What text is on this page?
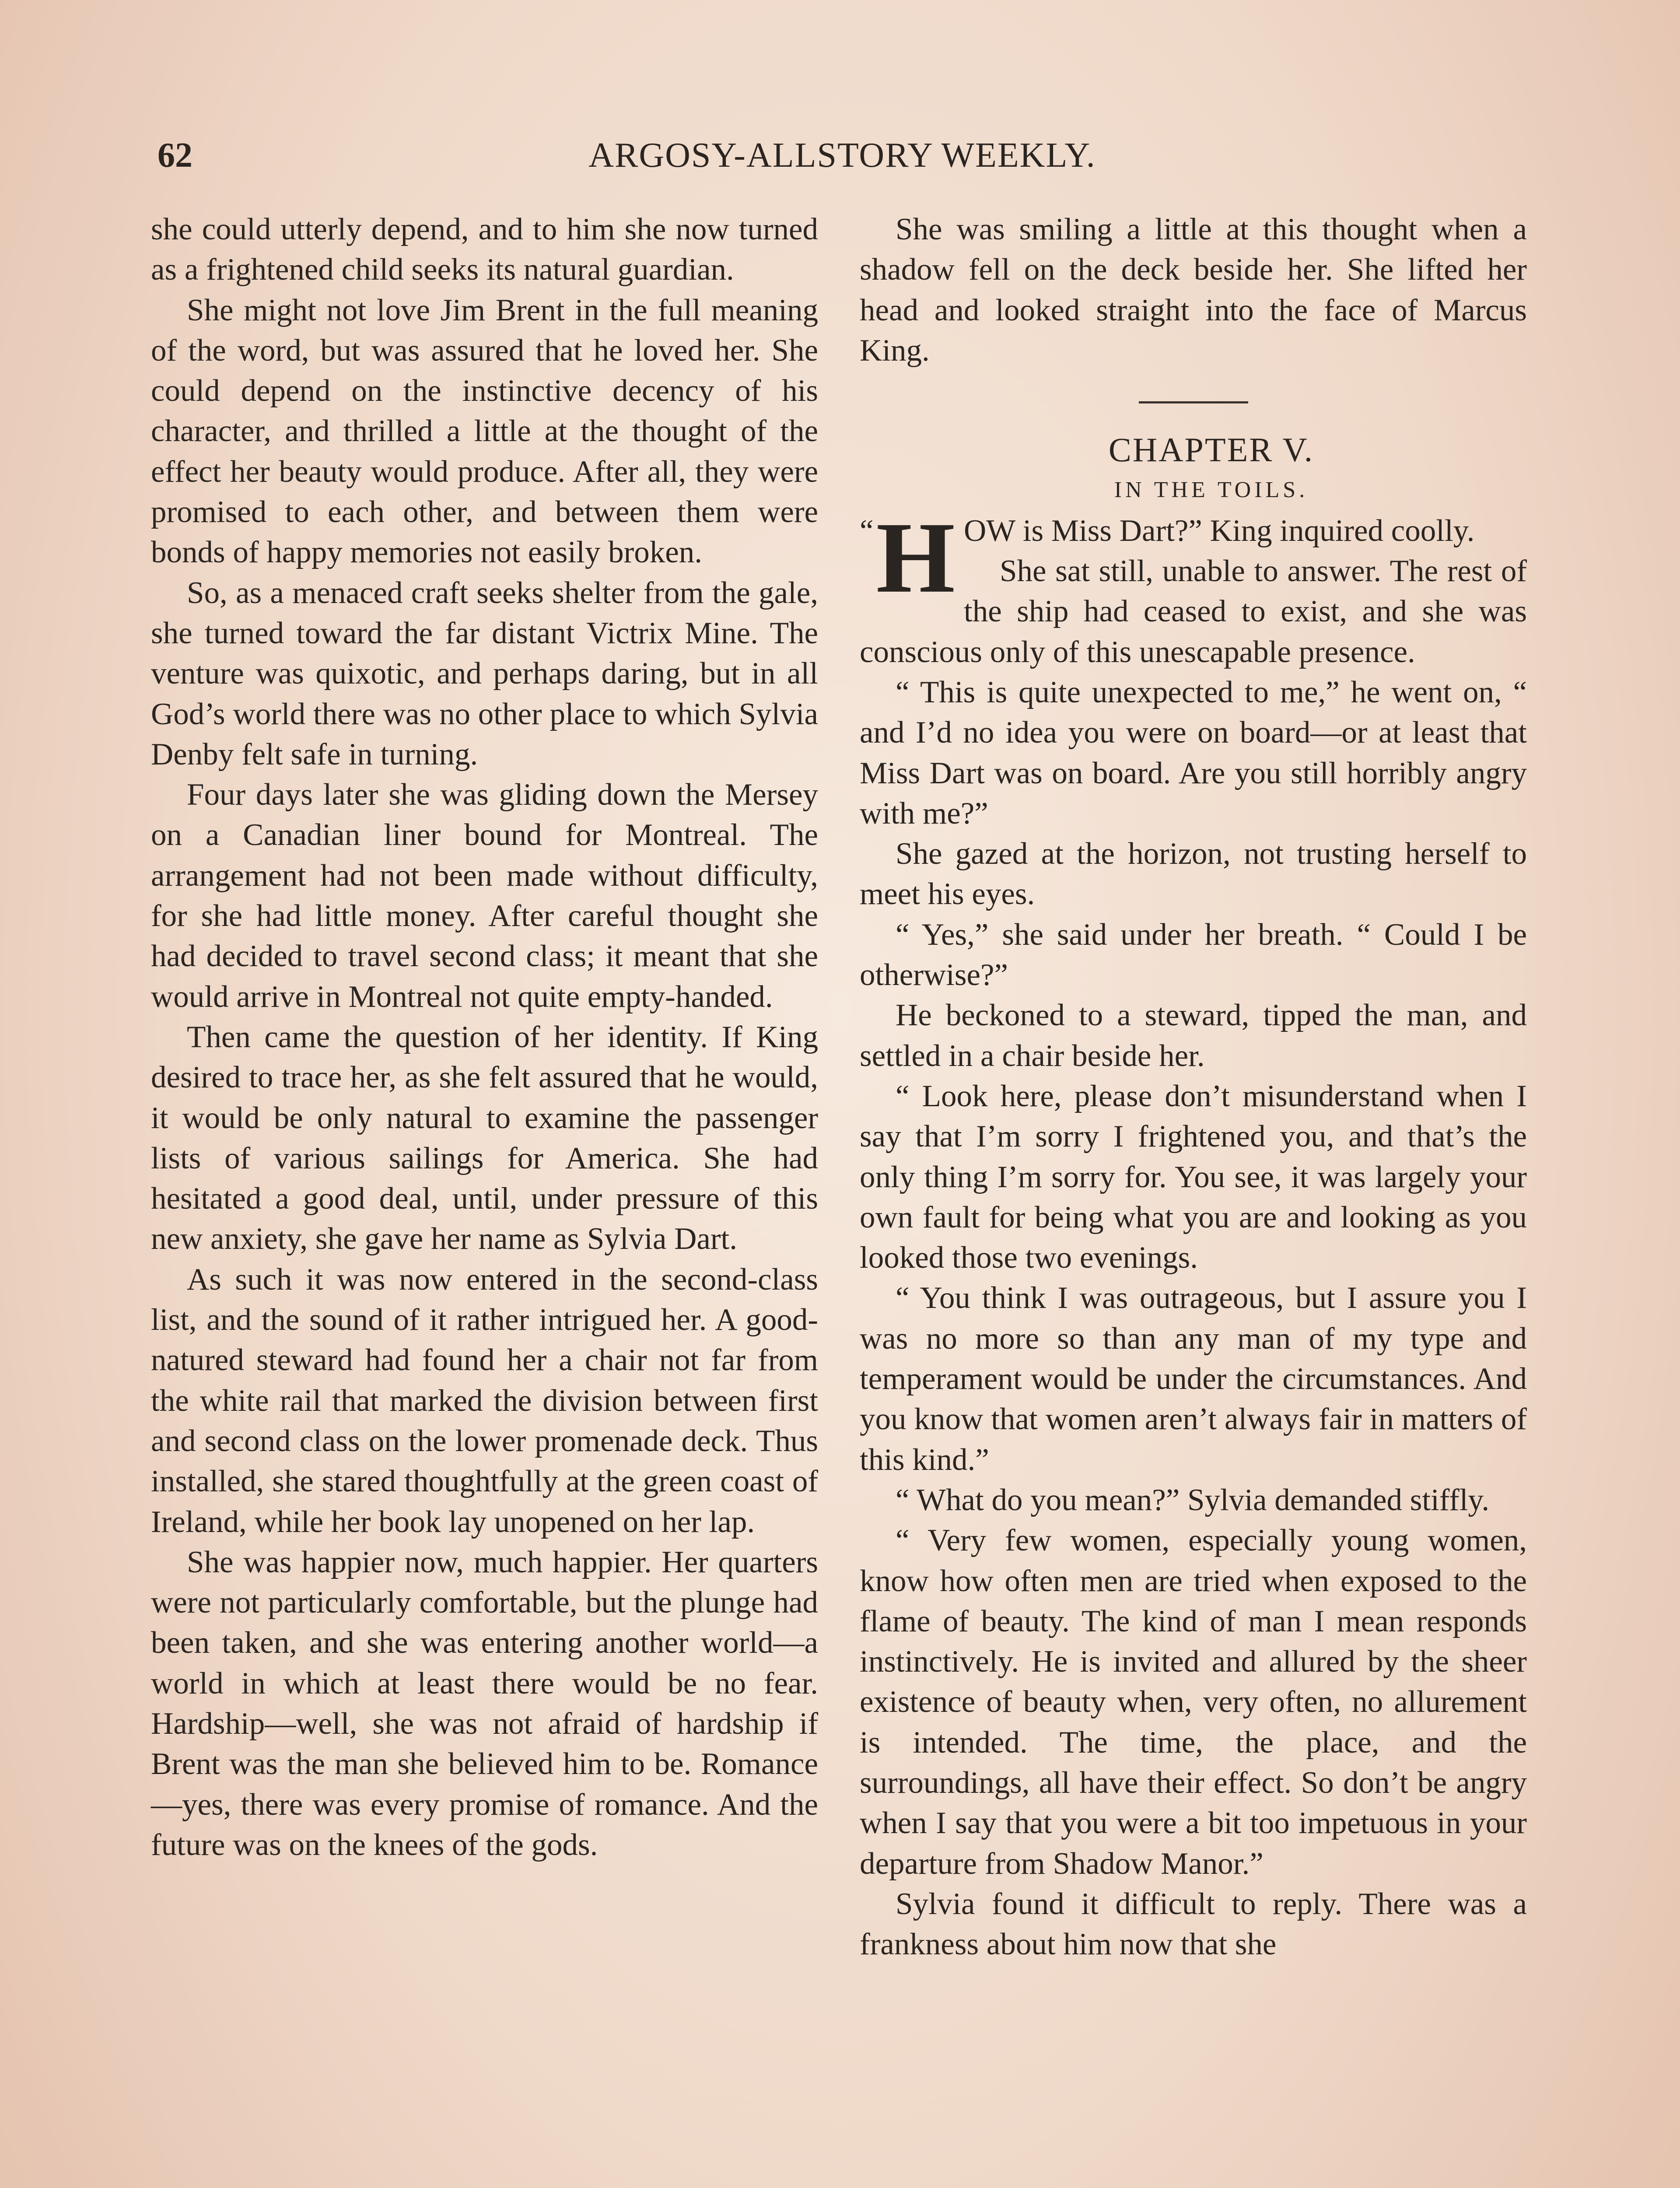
62	ARGOSY-ALLSTORY WEEKLY.

she could utterly depend, and to him she now turned as a frightened child seeks its natural guardian.

She might not love Jim Brent in the full meaning of the word, but was assured that he loved her. She could depend on the instinctive decency of his character, and thrilled a little at the thought of the effect her beauty would produce. After all, they were promised to each other, and between them were bonds of happy memories not easily broken.

So, as a menaced craft seeks shelter from the gale, she turned toward the far distant Victrix Mine. The venture was quixotic, and perhaps daring, but in all God’s world there was no other place to which Sylvia Denby felt safe in turning.

Four days later she was gliding down the Mersey on a Canadian liner bound for Montreal. The arrangement had not been made without difficulty, for she had little money. After careful thought she had decided to travel second class; it meant that she would arrive in Montreal not quite empty-handed.

Then came the question of her identity. If King desired to trace her, as she felt assured that he would, it would be only natural to examine the passenger lists of various sailings for America. She had hesitated a good deal, until, under pressure of this new anxiety, she gave her name as Sylvia Dart.

As such it was now entered in the second-class list, and the sound of it rather intrigued her. A good-natured steward had found her a chair not far from the white rail that marked the division between first and second class on the lower promenade deck. Thus installed, she stared thoughtfully at the green coast of Ireland, while her book lay unopened on her lap.

She was happier now, much happier. Her quarters were not particularly comfortable, but the plunge had been taken, and she was entering another world—a world in which at least there would be no fear. Hardship—well, she was not afraid of hardship if Brent was the man she believed him to be. Romance—yes, there was every promise of romance. And the future was on the knees of the gods.

She was smiling a little at this thought when a shadow fell on the deck beside her. She lifted her head and looked straight into the face of Marcus King.

CHAPTER V.

IN THE TOILS.

“ H OW is Miss Dart?” King inquired coolly.

She sat still, unable to answer. The rest of the ship had ceased to exist, and she was conscious only of this unescapable presence.

“ This is quite unexpected to me,” he went on, “ and I’d no idea you were on board—or at least that Miss Dart was on board. Are you still horribly angry with me?”

She gazed at the horizon, not trusting herself to meet his eyes.

“ Yes,” she said under her breath. “ Could I be otherwise?”

He beckoned to a steward, tipped the man, and settled in a chair beside her.

“ Look here, please don’t misunderstand when I say that I’m sorry I frightened you, and that’s the only thing I’m sorry for. You see, it was largely your own fault for being what you are and looking as you looked those two evenings.

“ You think I was outrageous, but I assure you I was no more so than any man of my type and temperament would be under the circumstances. And you know that women aren’t always fair in matters of this kind.”

“ What do you mean?” Sylvia demanded stiffly.

“ Very few women, especially young women, know how often men are tried when exposed to the flame of beauty. The kind of man I mean responds instinctively. He is invited and allured by the sheer existence of beauty when, very often, no allurement is intended. The time, the place, and the surroundings, all have their effect. So don’t be angry when I say that you were a bit too impetuous in your departure from Shadow Manor.”

Sylvia found it difficult to reply. There was a frankness about him now that she
